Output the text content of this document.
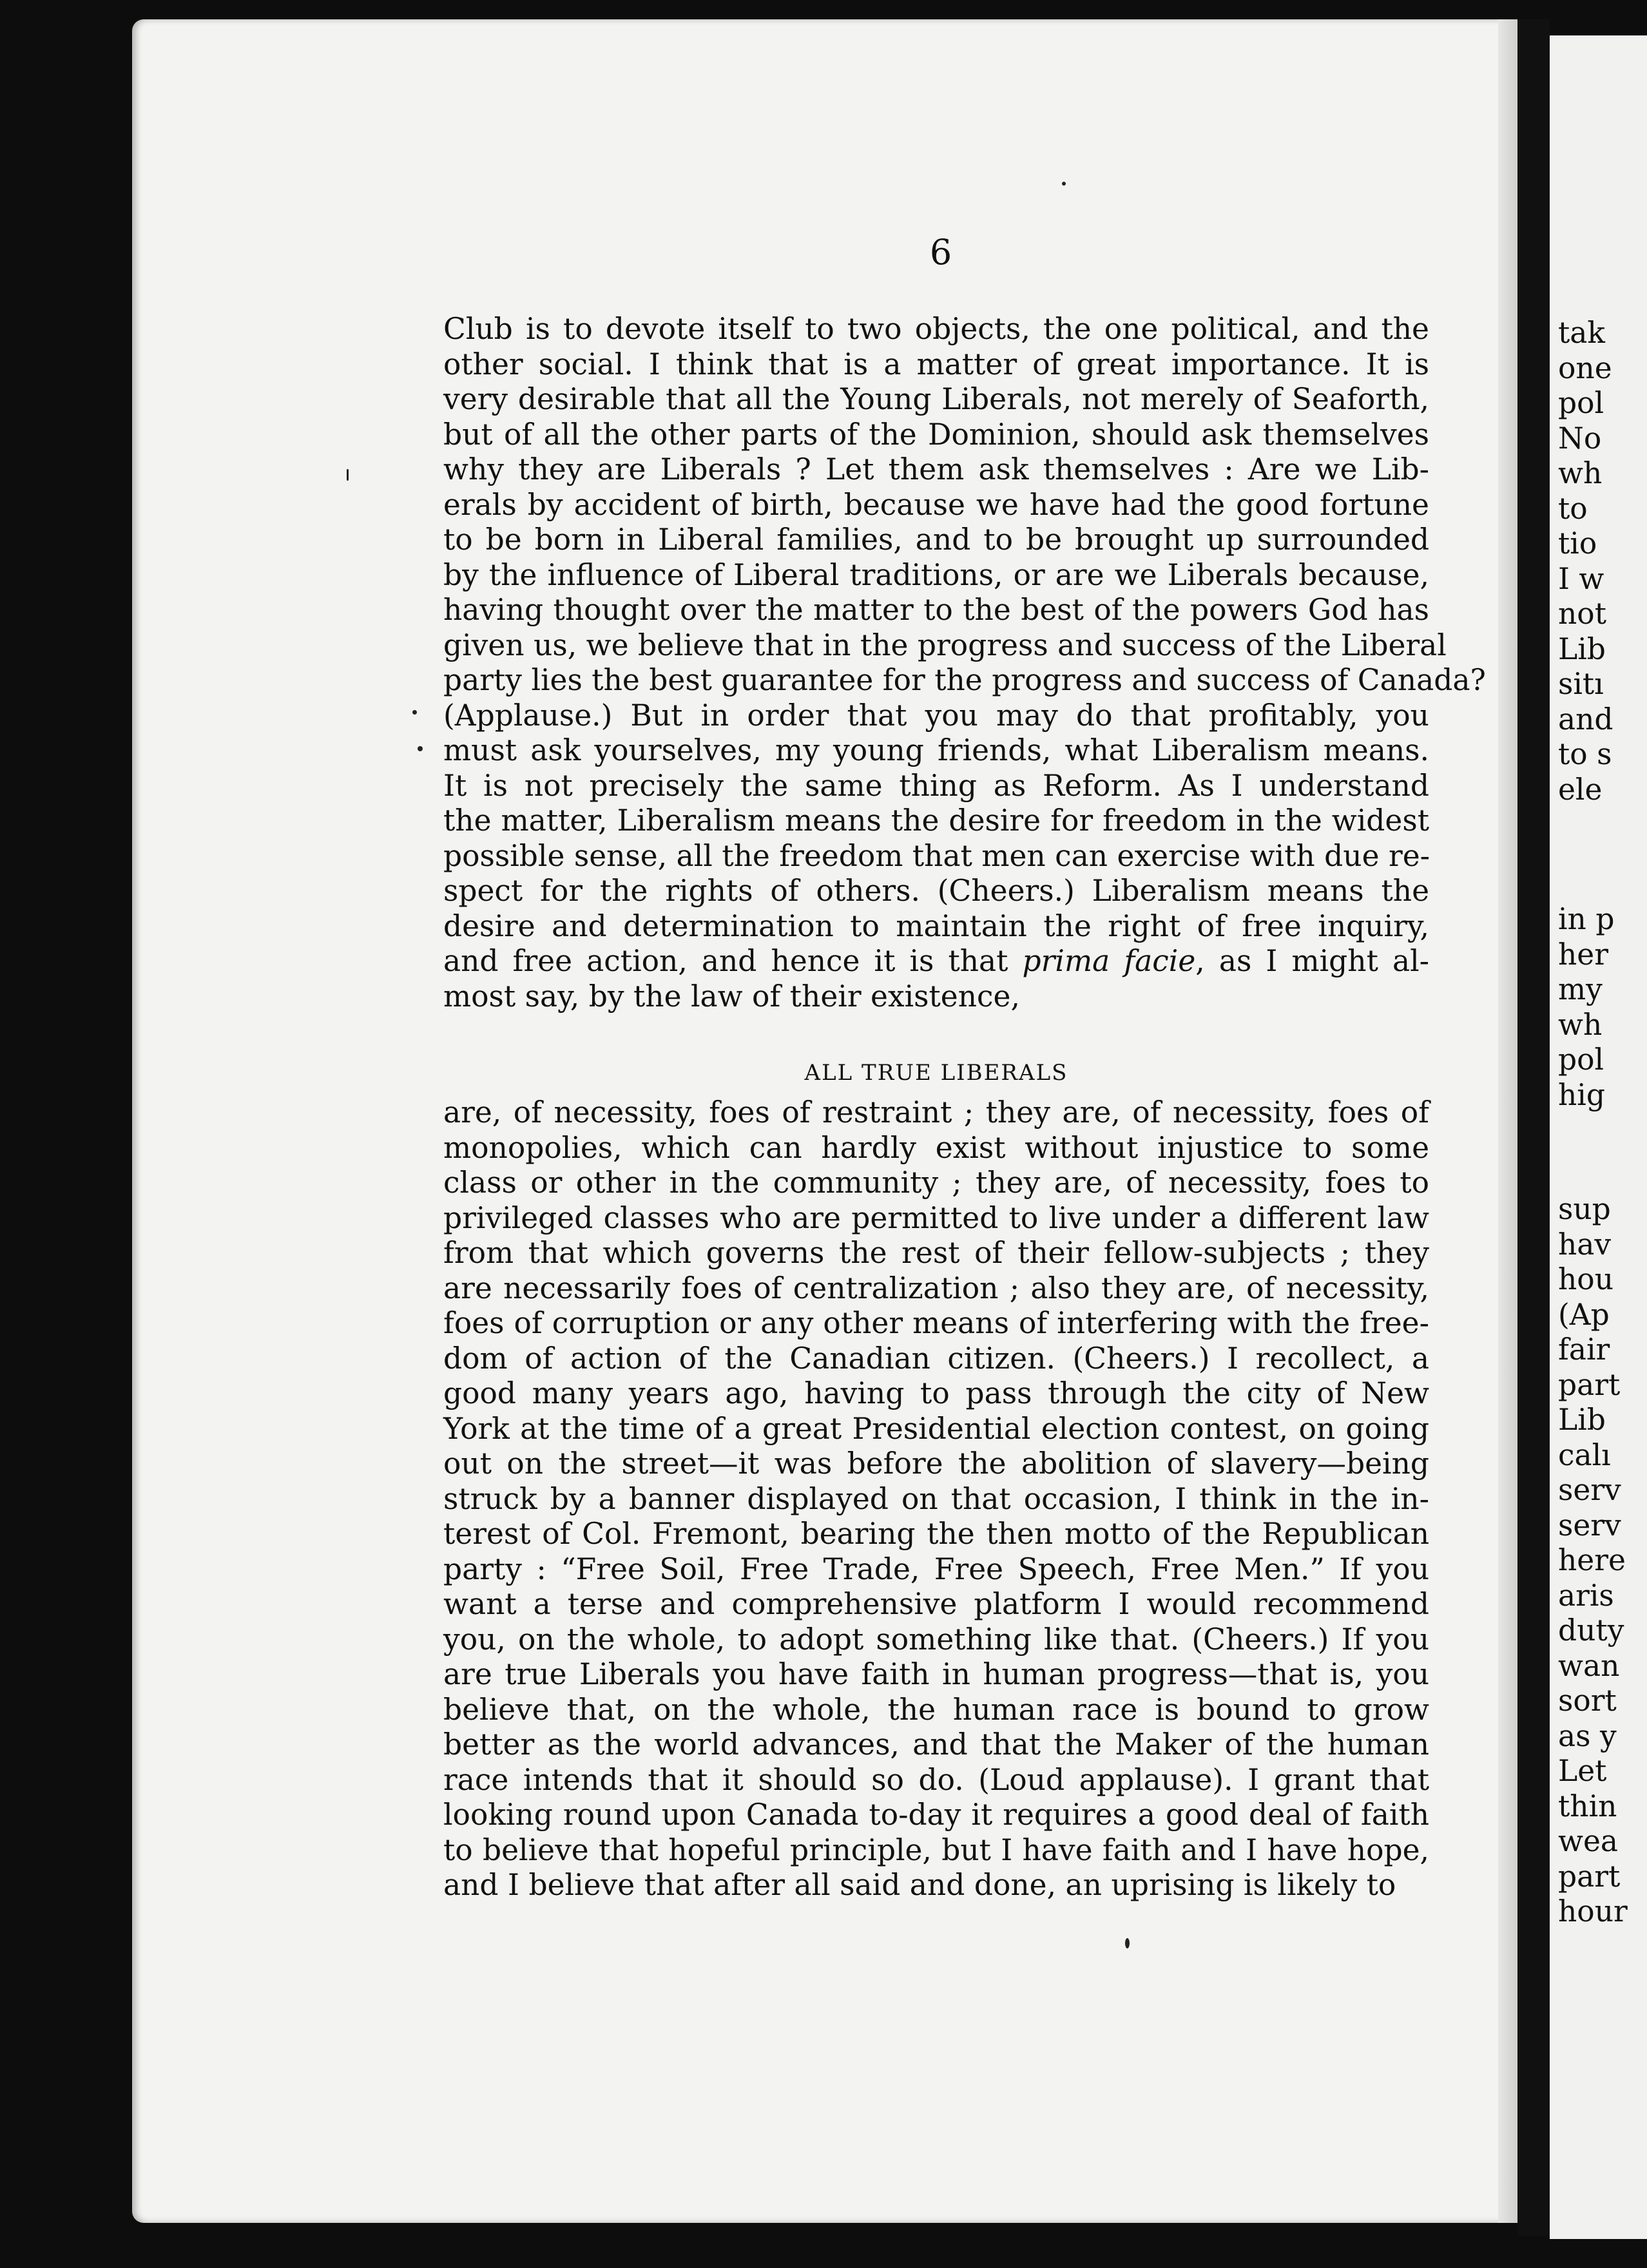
6
Club is to devote itself to two objects, the one political, and the
other social. I think that is a matter of great importance. It is
very desirable that all the Young Liberals, not merely of Seaforth,
but of all the other parts of the Dominion, should ask themselves
why they are Liberals ? Let them ask themselves : Are we Lib-
erals by accident of birth, because we have had the good fortune
to be born in Liberal families, and to be brought up surrounded
by the influence of Liberal traditions, or are we Liberals because,
having thought over the matter to the best of the powers God has
given us, we believe that in the progress and success of the Liberal
party lies the best guarantee for the progress and success of Canada?
(Applause.) But in order that you may do that profitably, you
must ask yourselves, my young friends, what Liberalism means.
It is not precisely the same thing as Reform. As I understand
the matter, Liberalism means the desire for freedom in the widest
possible sense, all the freedom that men can exercise with due re-
spect for the rights of others. (Cheers.) Liberalism means the
desire and determination to maintain the right of free inquiry,
and free action, and hence it is that prima facie, as I might al-
most say, by the law of their existence,
ALL TRUE LIBERALS
are, of necessity, foes of restraint ; they are, of necessity, foes of
monopolies, which can hardly exist without injustice to some
class or other in the community ; they are, of necessity, foes to
privileged classes who are permitted to live under a different law
from that which governs the rest of their fellow-subjects ; they
are necessarily foes of centralization ; also they are, of necessity,
foes of corruption or any other means of interfering with the free-
dom of action of the Canadian citizen. (Cheers.) I recollect, a
good many years ago, having to pass through the city of New
York at the time of a great Presidential election contest, on going
out on the street—it was before the abolition of slavery—being
struck by a banner displayed on that occasion, I think in the in-
terest of Col. Fremont, bearing the then motto of the Republican
party : “Free Soil, Free Trade, Free Speech, Free Men.” If you
want a terse and comprehensive platform I would recommend
you, on the whole, to adopt something like that. (Cheers.) If you
are true Liberals you have faith in human progress—that is, you
believe that, on the whole, the human race is bound to grow
better as the world advances, and that the Maker of the human
race intends that it should so do. (Loud applause). I grant that
looking round upon Canada to-day it requires a good deal of faith
to believe that hopeful principle, but I have faith and I have hope,
and I believe that after all said and done, an uprising is likely to
tak
one
pol
No
wh
to
tio
I w
not
Lib
sitı
and
to s
ele
in p
her
my
wh
pol
hig
sup
hav
hou
(Ap
fair
part
Lib
calı
serv
serv
here
aris
duty
wan
sort
as y
Let
thin
wea
part
hour
